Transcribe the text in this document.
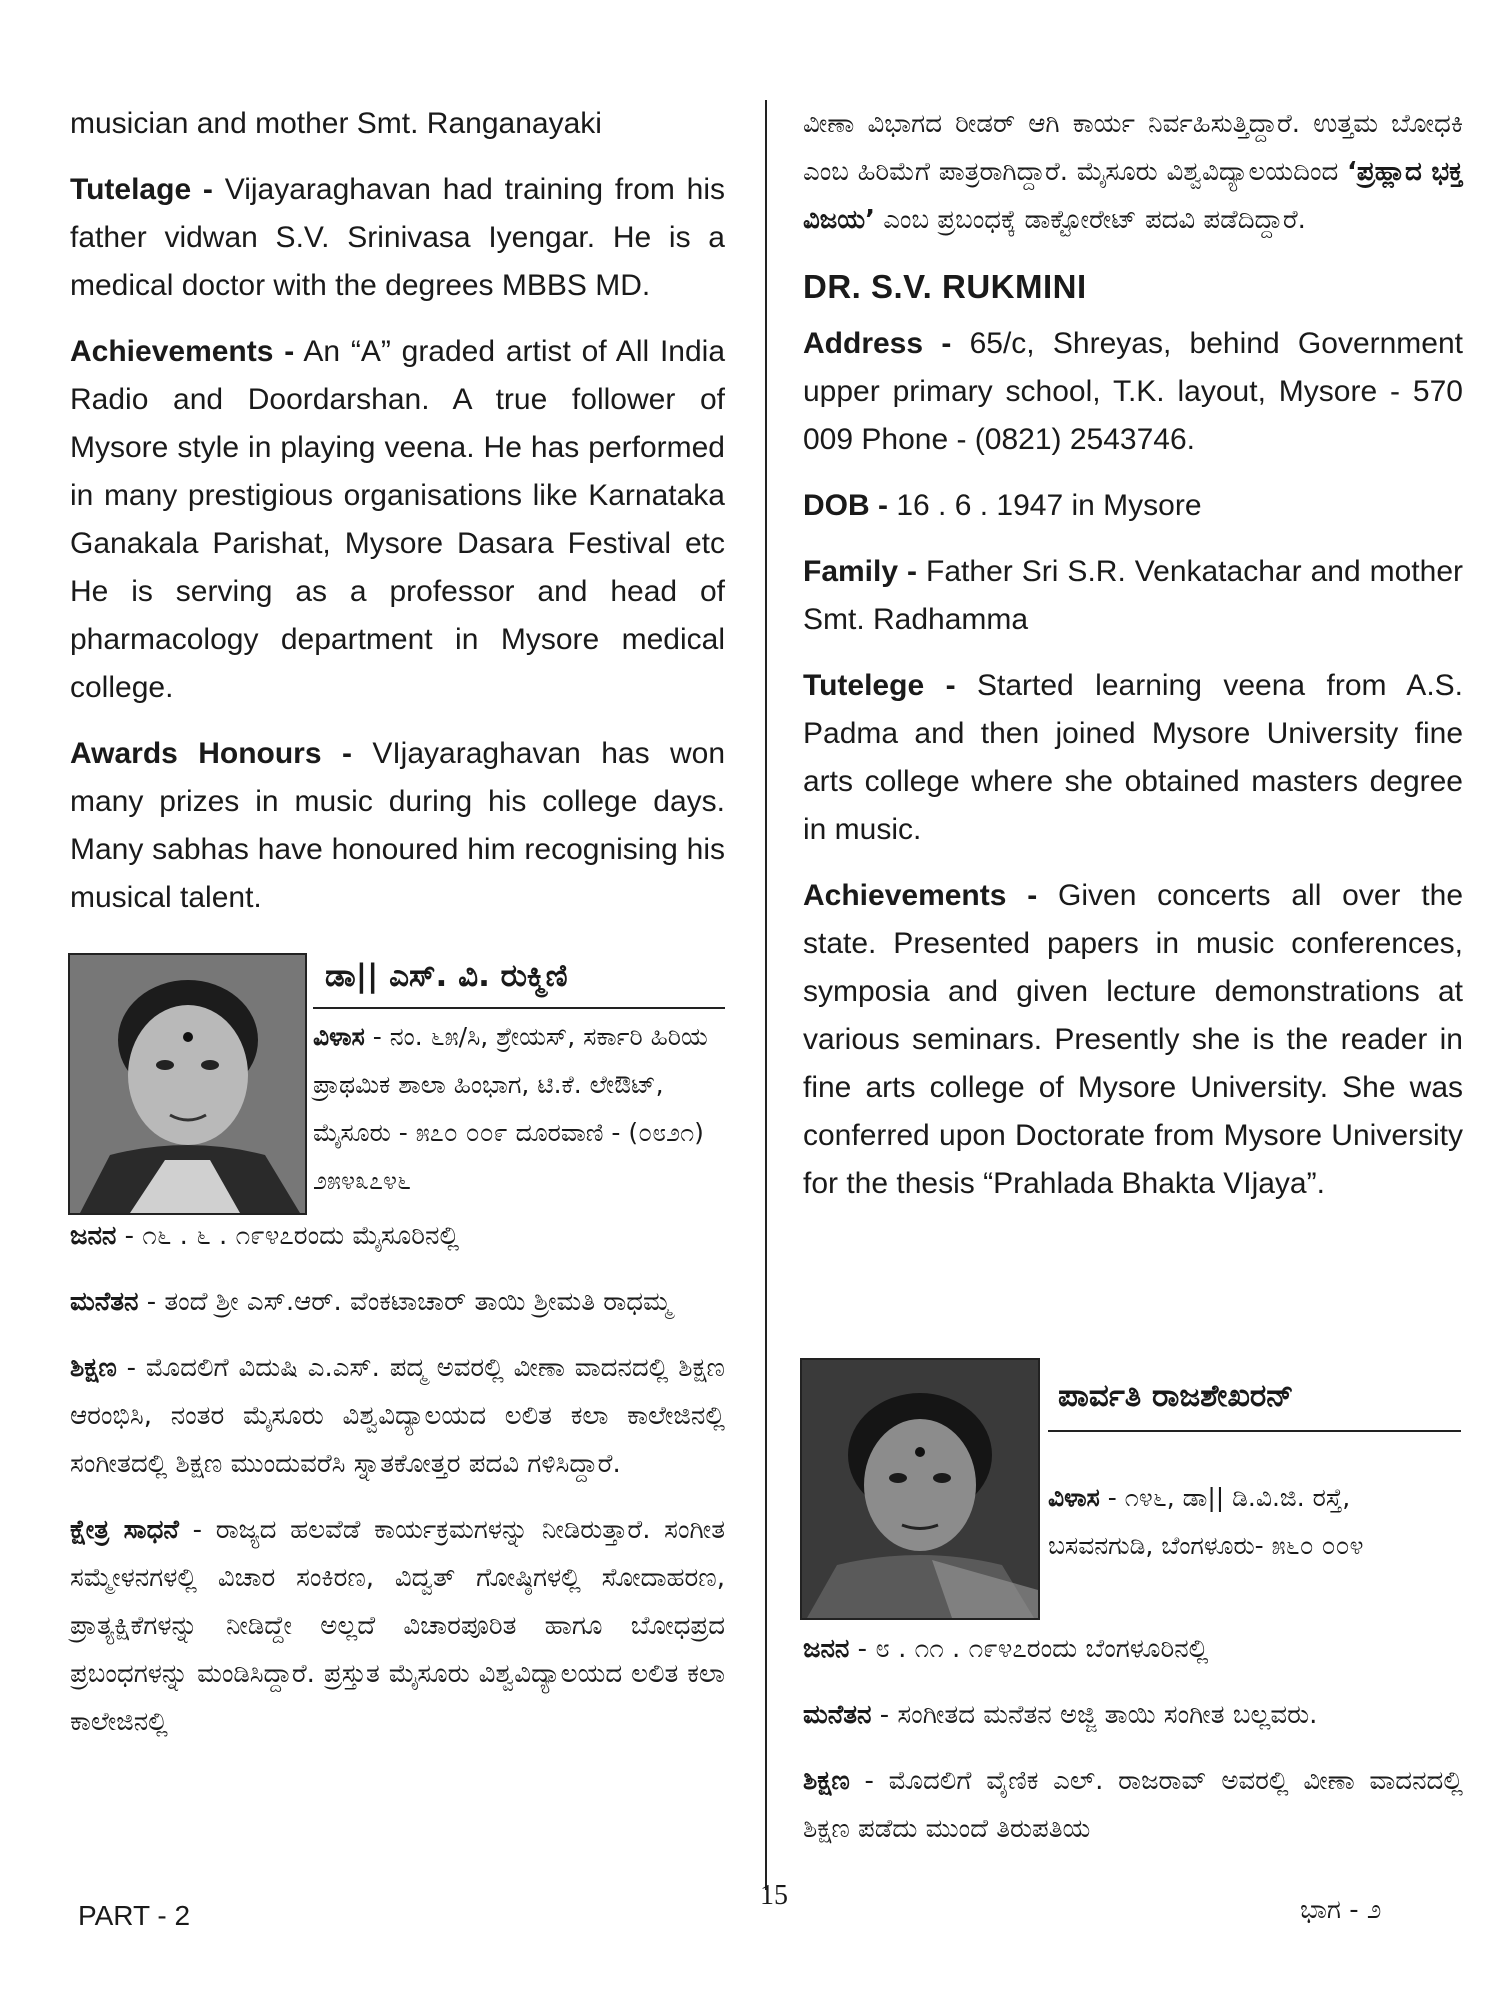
musician and mother Smt. Ranganayaki

Tutelage - Vijayaraghavan had training from his father vidwan S.V. Srinivasa Iyengar. He is a medical doctor with the degrees MBBS MD.

Achievements - An “A” graded artist of All India Radio and Doordarshan. A true follower of Mysore style in playing veena. He has performed in many prestigious organisations like Karnataka Ganakala Parishat, Mysore Dasara Festival etc He is serving as a professor and head of pharmacology department in Mysore medical college.

Awards Honours - VIjayaraghavan has won many prizes in music during his college days. Many sabhas have honoured him recognising his musical talent.

ಡಾ|| ಎಸ್. ವಿ. ರುಕ್ಮಿಣಿ
ವಿಳಾಸ - ನಂ. ೬೫/ಸಿ, ಶ್ರೇಯಸ್, ಸರ್ಕಾರಿ ಹಿರಿಯ ಪ್ರಾಥಮಿಕ ಶಾಲಾ ಹಿಂಭಾಗ, ಟಿ.ಕೆ. ಲೇಔಟ್, ಮೈಸೂರು - ೫೭೦ ೦೦೯ ದೂರವಾಣಿ - (೦೮೨೧) ೨೫೪೩೭೪೬

ಜನನ - ೧೬ . ೬ . ೧೯೪೭ರಂದು ಮೈಸೂರಿನಲ್ಲಿ

ಮನೆತನ - ತಂದೆ ಶ್ರೀ ಎಸ್.ಆರ್. ವೆಂಕಟಾಚಾರ್ ತಾಯಿ ಶ್ರೀಮತಿ ರಾಧಮ್ಮ

ಶಿಕ್ಷಣ - ಮೊದಲಿಗೆ ವಿದುಷಿ ಎ.ಎಸ್. ಪದ್ಮ ಅವರಲ್ಲಿ ವೀಣಾ ವಾದನದಲ್ಲಿ ಶಿಕ್ಷಣ ಆರಂಭಿಸಿ, ನಂತರ ಮೈಸೂರು ವಿಶ್ವವಿದ್ಯಾಲಯದ ಲಲಿತ ಕಲಾ ಕಾಲೇಜಿನಲ್ಲಿ ಸಂಗೀತದಲ್ಲಿ ಶಿಕ್ಷಣ ಮುಂದುವರೆಸಿ ಸ್ನಾತಕೋತ್ತರ ಪದವಿ ಗಳಿಸಿದ್ದಾರೆ.

ಕ್ಷೇತ್ರ ಸಾಧನೆ - ರಾಜ್ಯದ ಹಲವೆಡೆ ಕಾರ್ಯಕ್ರಮಗಳನ್ನು ನೀಡಿರುತ್ತಾರೆ. ಸಂಗೀತ ಸಮ್ಮೇಳನಗಳಲ್ಲಿ ವಿಚಾರ ಸಂಕಿರಣ, ವಿದ್ವತ್ ಗೋಷ್ಠಿಗಳಲ್ಲಿ ಸೋದಾಹರಣ, ಪ್ರಾತ್ಯಕ್ಷಿಕೆಗಳನ್ನು ನೀಡಿದ್ದೇ ಅಲ್ಲದೆ ವಿಚಾರಪೂರಿತ ಹಾಗೂ ಬೋಧಪ್ರದ ಪ್ರಬಂಧಗಳನ್ನು ಮಂಡಿಸಿದ್ದಾರೆ. ಪ್ರಸ್ತುತ ಮೈಸೂರು ವಿಶ್ವವಿದ್ಯಾಲಯದ ಲಲಿತ ಕಲಾ ಕಾಲೇಜಿನಲ್ಲಿ

ವೀಣಾ ವಿಭಾಗದ ರೀಡರ್ ಆಗಿ ಕಾರ್ಯ ನಿರ್ವಹಿಸುತ್ತಿದ್ದಾರೆ. ಉತ್ತಮ ಬೋಧಕಿ ಎಂಬ ಹಿರಿಮೆಗೆ ಪಾತ್ರರಾಗಿದ್ದಾರೆ. ಮೈಸೂರು ವಿಶ್ವವಿದ್ಯಾಲಯದಿಂದ ‘ಪ್ರಹ್ಲಾದ ಭಕ್ತ ವಿಜಯ’ ಎಂಬ ಪ್ರಬಂಧಕ್ಕೆ ಡಾಕ್ಟೋರೇಟ್ ಪದವಿ ಪಡೆದಿದ್ದಾರೆ.

DR. S.V. RUKMINI

Address - 65/c, Shreyas, behind Government upper primary school, T.K. layout, Mysore - 570 009 Phone - (0821) 2543746.

DOB - 16 . 6 . 1947 in Mysore

Family - Father Sri S.R. Venkatachar and mother Smt. Radhamma

Tutelege - Started learning veena from A.S. Padma and then joined Mysore University fine arts college where she obtained masters degree in music.

Achievements - Given concerts all over the state. Presented papers in music conferences, symposia and given lecture demonstrations at various seminars. Presently she is the reader in fine arts college of Mysore University. She was conferred upon Doctorate from Mysore University for the thesis “Prahlada Bhakta VIjaya”.

ಪಾರ್ವತಿ ರಾಜಶೇಖರನ್
ವಿಳಾಸ - ೧೪೬, ಡಾ|| ಡಿ.ವಿ.ಜಿ. ರಸ್ತೆ, ಬಸವನಗುಡಿ, ಬೆಂಗಳೂರು- ೫೬೦ ೦೦೪

ಜನನ - ೮ . ೧೧ . ೧೯೪೭ರಂದು ಬೆಂಗಳೂರಿನಲ್ಲಿ

ಮನೆತನ - ಸಂಗೀತದ ಮನೆತನ ಅಜ್ಜಿ ತಾಯಿ ಸಂಗೀತ ಬಲ್ಲವರು.

ಶಿಕ್ಷಣ - ಮೊದಲಿಗೆ ವೈಣಿಕ ಎಲ್. ರಾಜರಾವ್ ಅವರಲ್ಲಿ ವೀಣಾ ವಾದನದಲ್ಲಿ ಶಿಕ್ಷಣ ಪಡೆದು ಮುಂದೆ ತಿರುಪತಿಯ

PART - 2
15	ಭಾಗ - ೨
